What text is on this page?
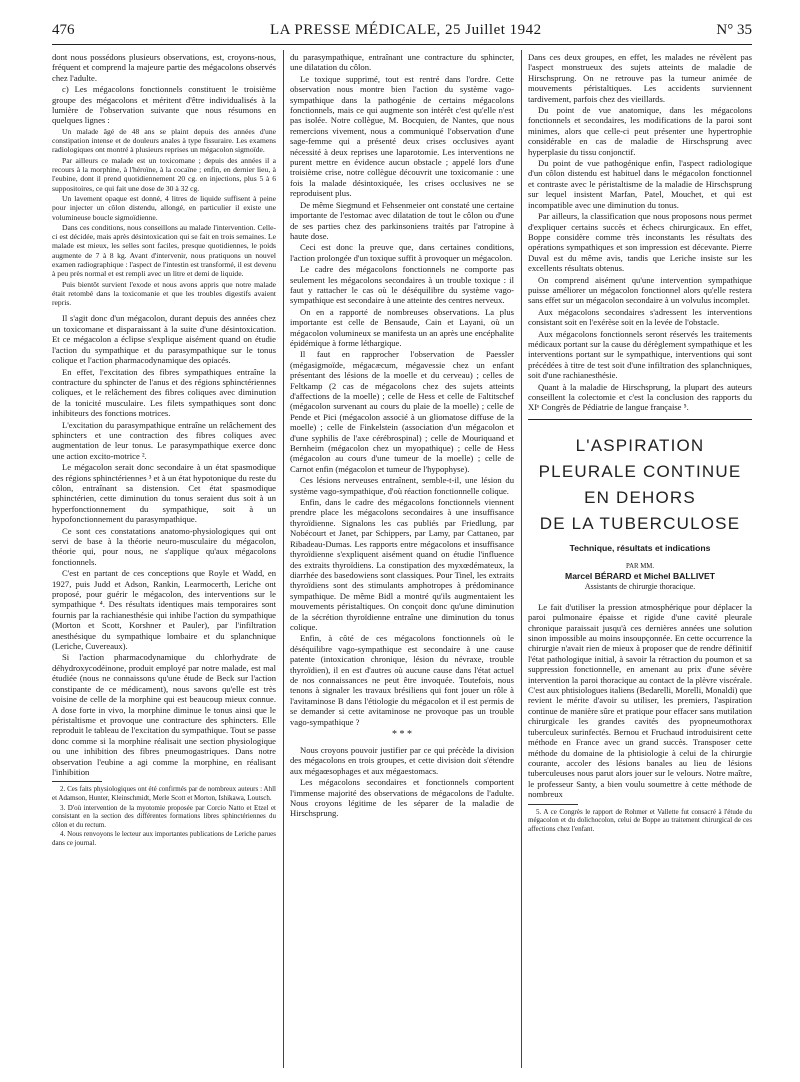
476	LA PRESSE MÉDICALE, 25 Juillet 1942	N° 35

dont nous possédons plusieurs observations, est, croyons-nous, fréquent et comprend la majeure partie des mégacolons observés chez l'adulte.

c) Les mégacolons fonctionnels constituent le troisième groupe des mégacolons et méritent d'être individualisés à la lumière de l'observation suivante que nous résumons en quelques lignes :

Un malade âgé de 48 ans se plaint depuis des années d'une constipation intense et de douleurs anales à type fissuraire. Les examens radiologiques ont montré à plusieurs reprises un mégacolon sigmoïde.

Par ailleurs ce malade est un toxicomane ; depuis des années il a recours à la morphine, à l'héroïne, à la cocaïne ; enfin, en dernier lieu, à l'eubine, dont il prend quotidiennement 20 cg. en injections, plus 5 à 6 suppositoires, ce qui fait une dose de 30 à 32 cg.

Un lavement opaque est donné, 4 litres de liquide suffisent à peine pour injecter un côlon distendu, allongé, en particulier il existe une volumineuse boucle sigmoïdienne.

Dans ces conditions, nous conseillons au malade l'intervention. Celle-ci est décidée, mais après désintoxication qui se fait en trois semaines. Le malade est mieux, les selles sont faciles, presque quotidiennes, le poids augmente de 7 à 8 kg. Avant d'intervenir, nous pratiquons un nouvel examen radiographique : l'aspect de l'intestin est transformé, il est devenu à peu près normal et est rempli avec un litre et demi de liquide.

Puis bientôt survient l'exode et nous avons appris que notre malade était retombé dans la toxicomanie et que les troubles digestifs avaient repris.

Il s'agit donc d'un mégacolon, durant depuis des années chez un toxicomane et disparaissant à la suite d'une désintoxication. Et ce mégacolon a éclipse s'explique aisément quand on étudie l'action du sympathique et du parasympathique sur le tonus colique et l'action pharmacodynamique des opiacés.

En effet, l'excitation des fibres sympathiques entraîne la contracture du sphincter de l'anus et des régions sphinctériennes coliques, et le relâchement des fibres coliques avec diminution de la tonicité musculaire. Les filets sympathiques sont donc inhibiteurs des fonctions motrices.

L'excitation du parasympathique entraîne un relâchement des sphincters et une contraction des fibres coliques avec augmentation de leur tonus. Le parasympathique exerce donc une action excito-motrice ².

Le mégacolon serait donc secondaire à un état spasmodique des régions sphinctériennes ³ et à un état hypotonique du reste du côlon, entraînant sa distension. Cet état spasmodique sphinctérien, cette diminution du tonus seraient dus soit à un hyperfonctionnement du sympathique, soit à un hypofonctionnement du parasympathique.

Ce sont ces constatations anatomo-physiologiques qui ont servi de base à la théorie neuro-musculaire du mégacolon, théorie qui, pour nous, ne s'applique qu'aux mégacolons fonctionnels.

C'est en partant de ces conceptions que Royle et Wadd, en 1927, puis Judd et Adson, Rankin, Learmocerth, Leriche ont proposé, pour guérir le mégacolon, des interventions sur le sympathique ⁴. Des résultats identiques mais temporaires sont fournis par la rachianesthésie qui inhibe l'action du sympathique (Morton et Scott, Korshner et Pauler), par l'infiltration anesthésique du sympathique lombaire et du splanchnique (Leriche, Cuvereaux).

Si l'action pharmacodynamique du chlorhydrate de déhydroxycodéinone, produit employé par notre malade, est mal étudiée (nous ne connaissons qu'une étude de Beck sur l'action constipante de ce médicament), nous savons qu'elle est très voisine de celle de la morphine qui est beaucoup mieux connue. A dose forte in vivo, la morphine diminue le tonus ainsi que le péristaltisme et provoque une contracture des sphincters. Elle reproduit le tableau de l'excitation du sympathique. Tout se passe donc comme si la morphine réalisait une section physiologique ou une inhibition des fibres pneumogastriques. Dans notre observation l'eubine a agi comme la morphine, en réalisant l'inhibition

2. Ces faits physiologiques ont été confirmés par de nombreux auteurs : Ahll et Adamson, Hunter, Kleinschmidt, Merle Scott et Morton, Ishikawa, Loutsch.

3. D'où intervention de la myotomie proposée par Corcio Natto et Etzel et consistant en la section des différentes formations libres sphinctériennes du côlon et du rectum.

4. Nous renvoyons le lecteur aux importantes publications de Leriche parues dans ce journal.

du parasympathique, entraînant une contracture du sphincter, une dilatation du côlon.

Le toxique supprimé, tout est rentré dans l'ordre. Cette observation nous montre bien l'action du système vago-sympathique dans la pathogénie de certains mégacolons fonctionnels, mais ce qui augmente son intérêt c'est qu'elle n'est pas isolée. Notre collègue, M. Bocquien, de Nantes, que nous remercions vivement, nous a communiqué l'observation d'une sage-femme qui a présenté deux crises occlusives ayant nécessité à deux reprises une laparotomie. Les interventions ne purent mettre en évidence aucun obstacle ; appelé lors d'une troisième crise, notre collègue découvrit une toxicomanie : une fois la malade désintoxiquée, les crises occlusives ne se reproduisent plus.

De même Siegmund et Fehsenmeier ont constaté une certaine importante de l'estomac avec dilatation de tout le côlon ou d'une de ses parties chez des parkinsoniens traités par l'atropine à haute dose.

Ceci est donc la preuve que, dans certaines conditions, l'action prolongée d'un toxique suffit à provoquer un mégacolon.

Le cadre des mégacolons fonctionnels ne comporte pas seulement les mégacolons secondaires à un trouble toxique : il faut y rattacher le cas où le déséquilibre du système vago-sympathique est secondaire à une atteinte des centres nerveux.

On en a rapporté de nombreuses observations. La plus importante est celle de Bensaude, Cain et Layani, où un mégacolon volumineux se manifesta un an après une encéphalite épidémique à forme léthargique.

Il faut en rapprocher l'observation de Paessler (mégasigmoïde, mégacæcum, mégavessie chez un enfant présentant des lésions de la moelle et du cerveau) ; celles de Feltkamp (2 cas de mégacolons chez des sujets atteints d'affections de la moelle) ; celle de Hess et celle de Faltitschef (mégacolon survenant au cours du plaie de la moelle) ; celle de Pende et Pici (mégacolon associé à un gliomatose diffuse de la moelle) ; celle de Finkelstein (association d'un mégacolon et d'une syphilis de l'axe cérébrospinal) ; celle de Mouriquand et Bernheim (mégacolon chez un myopathique) ; celle de Hess (mégacolon au cours d'une tumeur de la moelle) ; celle de Carnot enfin (mégacolon et tumeur de l'hypophyse).

Ces lésions nerveuses entraînent, semble-t-il, une lésion du système vago-sympathique, d'où réaction fonctionnelle colique.

Enfin, dans le cadre des mégacolons fonctionnels viennent prendre place les mégacolons secondaires à une insuffisance thyroïdienne. Signalons les cas publiés par Friedlung, par Nobécourt et Janet, par Schippers, par Lamy, par Cattaneo, par Ribadeau-Dumas. Les rapports entre mégacolons et insuffisance thyroïdienne s'expliquent aisément quand on étudie l'influence des extraits thyroïdiens. La constipation des myxœdémateux, la diarrhée des basedowiens sont classiques. Pour Tinel, les extraits thyroïdiens sont des stimulants amphotropes à prédominance sympathique. De même Bidl a montré qu'ils augmentaient les mouvements péristaltiques. On conçoit donc qu'une diminution de la sécrétion thyroïdienne entraîne une diminution du tonus colique.

Enfin, à côté de ces mégacolons fonctionnels où le déséquilibre vago-sympathique est secondaire à une cause patente (intoxication chronique, lésion du névraxe, trouble thyroïdien), il en est d'autres où aucune cause dans l'état actuel de nos connaissances ne peut être invoquée. Toutefois, nous tenons à signaler les travaux brésiliens qui font jouer un rôle à l'avitaminose B dans l'étiologie du mégacolon et il est permis de se demander si cette avitaminose ne provoque pas un trouble vago-sympathique ?

* * *

Nous croyons pouvoir justifier par ce qui précède la division des mégacolons en trois groupes, et cette division doit s'étendre aux mégaœsophages et aux mégaestomacs.

Les mégacolons secondaires et fonctionnels comportent l'immense majorité des observations de mégacolons de l'adulte. Nous croyons légitime de les séparer de la maladie de Hirschsprung.

Dans ces deux groupes, en effet, les malades ne révèlent pas l'aspect monstrueux des sujets atteints de maladie de Hirschsprung. On ne retrouve pas la tumeur animée de mouvements péristaltiques. Les accidents surviennent tardivement, parfois chez des vieillards.

Du point de vue anatomique, dans les mégacolons fonctionnels et secondaires, les modifications de la paroi sont minimes, alors que celle-ci peut présenter une hypertrophie considérable en cas de maladie de Hirschsprung avec hyperplasie du tissu conjonctif.

Du point de vue pathogénique enfin, l'aspect radiologique d'un côlon distendu est habituel dans le mégacolon fonctionnel et contraste avec le péristaltisme de la maladie de Hirschsprung sur lequel insistent Marfan, Patel, Mouchet, et qui est incompatible avec une diminution du tonus.

Par ailleurs, la classification que nous proposons nous permet d'expliquer certains succès et échecs chirurgicaux. En effet, Boppe considère comme très inconstants les résultats des opérations sympathiques et son impression est décevante. Pierre Duval est du même avis, tandis que Leriche insiste sur les excellents résultats obtenus.

On comprend aisément qu'une intervention sympathique puisse améliorer un mégacolon fonctionnel alors qu'elle restera sans effet sur un mégacolon secondaire à un volvulus incomplet.

Aux mégacolons secondaires s'adressent les interventions consistant soit en l'exérèse soit en la levée de l'obstacle.

Aux mégacolons fonctionnels seront réservés les traitements médicaux portant sur la cause du dérèglement sympathique et les interventions portant sur le sympathique, interventions qui sont précédées à titre de test soit d'une infiltration des splanchniques, soit d'une rachianesthésie.

Quant à la maladie de Hirschsprung, la plupart des auteurs conseillent la colectomie et c'est la conclusion des rapports du XIᵉ Congrès de Pédiatrie de langue française ⁵.

L'ASPIRATION
PLEURALE CONTINUE
EN DEHORS
DE LA TUBERCULOSE
Technique, résultats et indications
PAR MM.
Marcel BÉRARD et Michel BALLIVET
Assistants de chirurgie thoracique.

Le fait d'utiliser la pression atmosphérique pour déplacer la paroi pulmonaire épaisse et rigide d'une cavité pleurale chronique paraissait jusqu'à ces dernières années une solution sinon impossible au moins insoupçonnée. En cette occurrence la chirurgie n'avait rien de mieux à proposer que de rendre définitif l'état pathologique initial, à savoir la rétraction du poumon et sa suppression fonctionnelle, en amenant au prix d'une sévère intervention la paroi thoracique au contact de la plèvre viscérale. C'est aux phtisiologues italiens (Bedarelli, Morelli, Monaldi) que revient le mérite d'avoir su utiliser, les premiers, l'aspiration continue de manière sûre et pratique pour effacer sans mutilation chirurgicale les grandes cavités des pyopneumothorax tuberculeux surinfectés. Bernou et Fruchaud introduisirent cette méthode en France avec un grand succès. Transposer cette méthode du domaine de la phtisiologie à celui de la chirurgie courante, accoler des lésions banales au lieu de lésions tuberculeuses nous parut alors jouer sur le velours. Notre maître, le professeur Santy, a bien voulu soumettre à cette méthode de nombreux

5. A ce Congrès le rapport de Rohmer et Vallette fut consacré à l'étude du mégacolon et du dolichocolon, celui de Boppe au traitement chirurgical de ces affections chez l'enfant.
